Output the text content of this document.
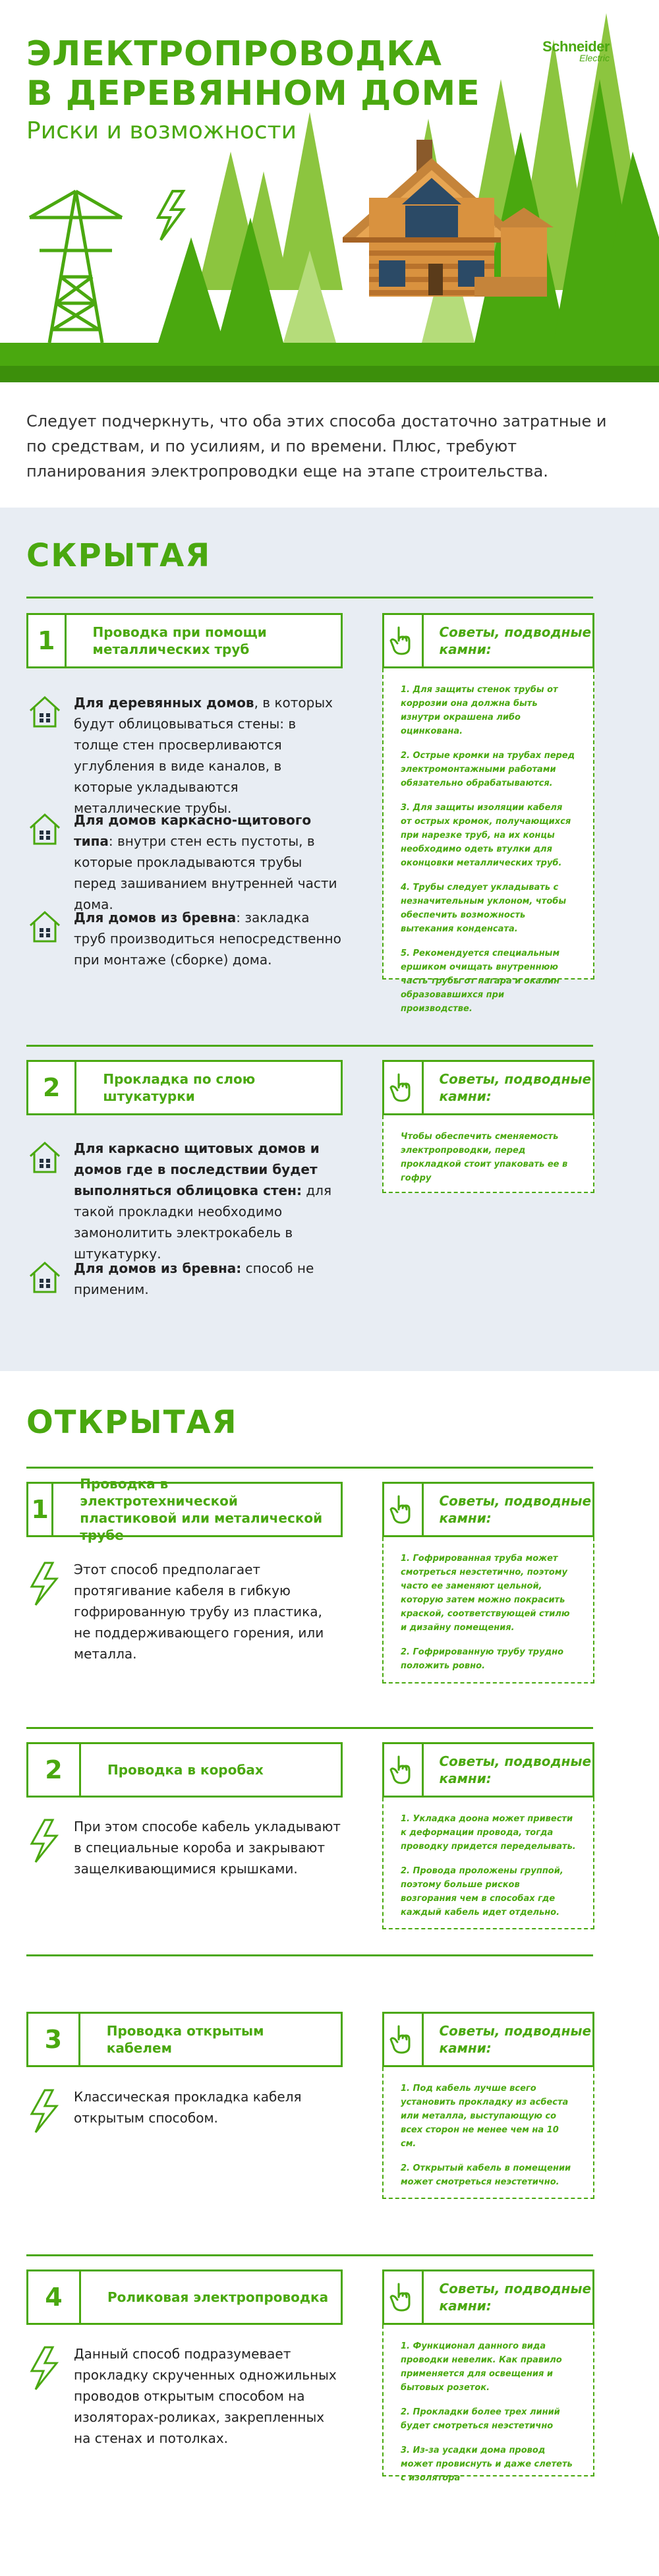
ЭЛЕКТРОПРОВОДКА
В ДЕРЕВЯННОМ ДОМЕ
Риски и возможности
Schneider
Electric
Следует подчеркнуть, что оба этих способа достаточно затратные и по средствам, и по усилиям, и по времени. Плюс, требуют планирования электропроводки еще на этапе строительства.
СКРЫТАЯ
1	Проводка при помощи металлических труб
Советы, подводные камни:

1. Для защиты стенок трубы от коррозии она должна быть изнутри окрашена либо оцинкована.

2. Острые кромки на трубах перед электромонтажными работами обязательно обрабатываются.

3. Для защиты изоляции кабеля от острых кромок, получающихся при нарезке труб, на их концы необходимо одеть втулки для оконцовки металлических труб.

4. Трубы следует укладывать с незначительным уклоном, чтобы обеспечить возможность вытекания конденсата.

5. Рекомендуется специальным ершиком очищать внутреннюю часть трубы от нагара и окалин образовавшихся при производстве.

Для деревянных домов, в которых будут облицовываться стены: в толще стен просверливаются углубления в виде каналов, в которые укладываются металлические трубы.
Для домов каркасно-щитового типа: внутри стен есть пустоты, в которые прокладываются трубы перед зашиванием внутренней части дома.
Для домов из бревна: закладка труб производиться непосредственно при монтаже (сборке) дома.
2	Прокладка по слою штукатурки
Советы, подводные камни:

Чтобы обеспечить сменяемость электропроводки, перед прокладкой стоит упаковать ее в гофру

Для каркасно щитовых домов и домов где в последствии будет выполняться облицовка стен: для такой прокладки необходимо замонолитить электрокабель в штукатурку.
Для домов из бревна: способ не применим.
ОТКРЫТАЯ
1
Проводка в электротехнической пластиковой или металической трубе
Советы, подводные камни:

1. Гофрированная труба может смотреться неэстетично, поэтому часто ее заменяют цельной, которую затем можно покрасить краской, соответствующей стилю и дизайну помещения.

2. Гофрированную трубу трудно положить ровно.

Этот способ предполагает протягивание кабеля в гибкую гофрированную трубу из пластика, не поддерживающего горения, или металла.
2	Проводка в коробах
Советы, подводные камни:

1. Укладка доона может привести к деформации провода, тогда проводку придется переделывать.

2. Провода проложены группой, поэтому больше рисков возгорания чем в способах где каждый кабель идет отдельно.

При этом способе кабель укладывают в специальные короба и закрывают защелкивающимися крышками.
3	Проводка открытым кабелем
Советы, подводные камни:

1. Под кабель лучше всего установить прокладку из асбеста или металла, выступающую со всех сторон не менее чем на 10 см.

2. Открытый кабель в помещении может смотреться неэстетично.

Классическая прокладка кабеля открытым способом.
4	Роликовая электропроводка
Советы, подводные камни:

1. Функционал данного вида проводки невелик. Как правило применяется для освещения и бытовых розеток.

2. Прокладки более трех линий будет смотреться неэстетично

3. Из-за усадки дома провод может провиснуть и даже слететь с изолятора

Данный способ подразумевает прокладку скрученных одножильных проводов открытым способом на изоляторах-роликах, закрепленных на стенах и потолках.
